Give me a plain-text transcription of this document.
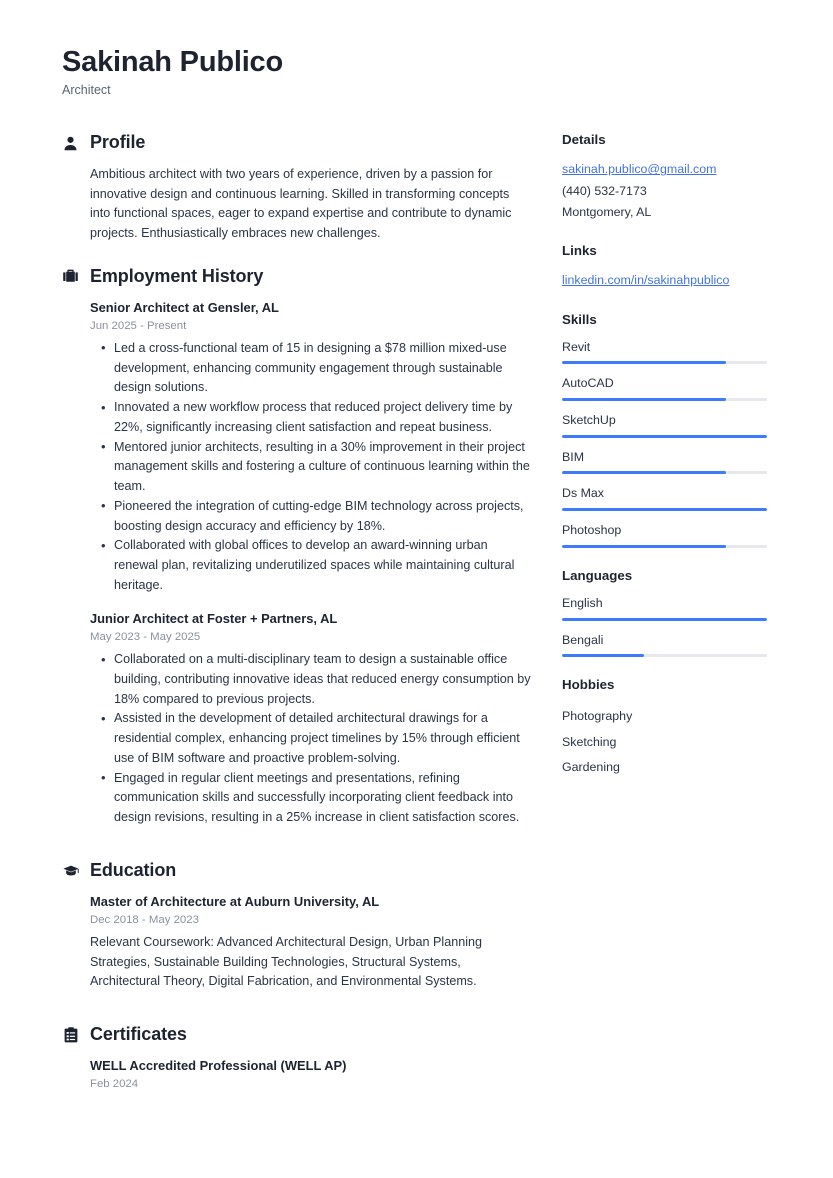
Sakinah Publico
Architect
Profile

Ambitious architect with two years of experience, driven by a passion for innovative design and continuous learning. Skilled in transforming concepts into functional spaces, eager to expand expertise and contribute to dynamic projects. Enthusiastically embraces new challenges.

Employment History
Senior Architect at Gensler, AL
Jun 2025 - Present
• Led a cross-functional team of 15 in designing a $78 million mixed-use development, enhancing community engagement through sustainable design solutions.
• Innovated a new workflow process that reduced project delivery time by 22%, significantly increasing client satisfaction and repeat business.
• Mentored junior architects, resulting in a 30% improvement in their project management skills and fostering a culture of continuous learning within the team.
• Pioneered the integration of cutting-edge BIM technology across projects, boosting design accuracy and efficiency by 18%.
• Collaborated with global offices to develop an award-winning urban renewal plan, revitalizing underutilized spaces while maintaining cultural heritage.
Junior Architect at Foster + Partners, AL
May 2023 - May 2025
• Collaborated on a multi-disciplinary team to design a sustainable office building, contributing innovative ideas that reduced energy consumption by 18% compared to previous projects.
• Assisted in the development of detailed architectural drawings for a residential complex, enhancing project timelines by 15% through efficient use of BIM software and proactive problem-solving.
• Engaged in regular client meetings and presentations, refining communication skills and successfully incorporating client feedback into design revisions, resulting in a 25% increase in client satisfaction scores.
Education
Master of Architecture at Auburn University, AL
Dec 2018 - May 2023
Relevant Coursework: Advanced Architectural Design, Urban Planning Strategies, Sustainable Building Technologies, Structural Systems, Architectural Theory, Digital Fabrication, and Environmental Systems.
Certificates
WELL Accredited Professional (WELL AP)
Feb 2024
Details
sakinah.publico@gmail.com
(440) 532-7173
Montgomery, AL
Links
linkedin.com/in/sakinahpublico
Skills
Revit
AutoCAD
SketchUp
BIM
Ds Max
Photoshop
Languages
English
Bengali
Hobbies
Photography
Sketching
Gardening
